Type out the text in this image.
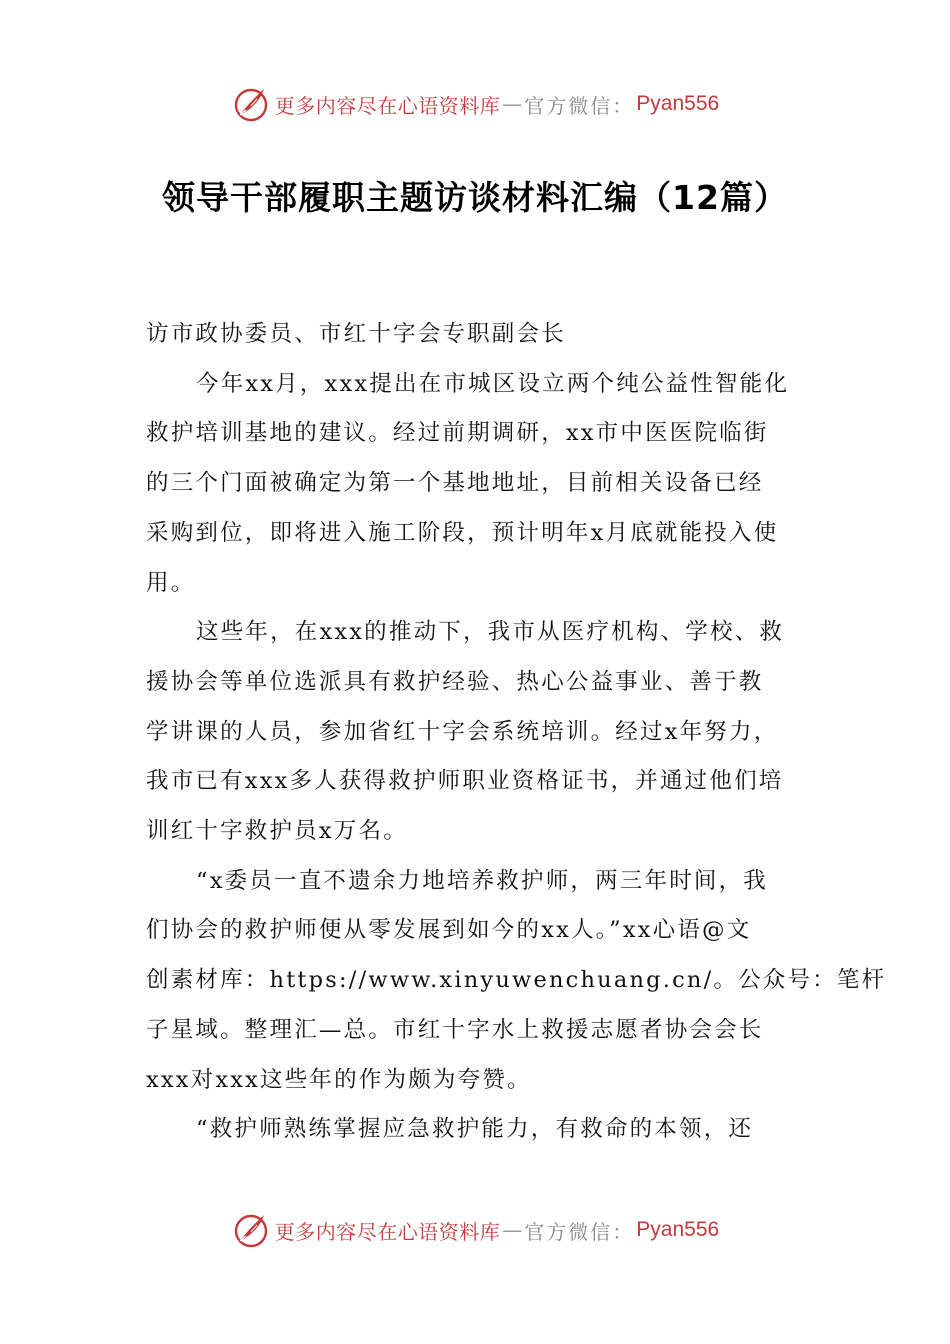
更多内容尽在心语资料库 — 官方微信： Pyan556
领导干部履职主题访谈材料汇编（12篇）

访市政协委员、市红十字会专职副会长

今年xx月，xxx提出在市城区设立两个纯公益性智能化
救护培训基地的建议。经过前期调研，xx市中医医院临街
的三个门面被确定为第一个基地地址，目前相关设备已经
采购到位，即将进入施工阶段，预计明年x月底就能投入使
用。

这些年，在xxx的推动下，我市从医疗机构、学校、救
援协会等单位选派具有救护经验、热心公益事业、善于教
学讲课的人员，参加省红十字会系统培训。经过x年努力，
我市已有xxx多人获得救护师职业资格证书，并通过他们培
训红十字救护员x万名。

“x委员一直不遗余力地培养救护师，两三年时间，我
们协会的救护师便从零发展到如今的xx人。”xx心语@文
创素材库：https://www.xinyuwenchuang.cn/。公众号：笔杆
子星域。整理汇—总。市红十字水上救援志愿者协会会长
xxx对xxx这些年的作为颇为夸赞。

“救护师熟练掌握应急救护能力，有救命的本领，还

更多内容尽在心语资料库 — 官方微信： Pyan556
